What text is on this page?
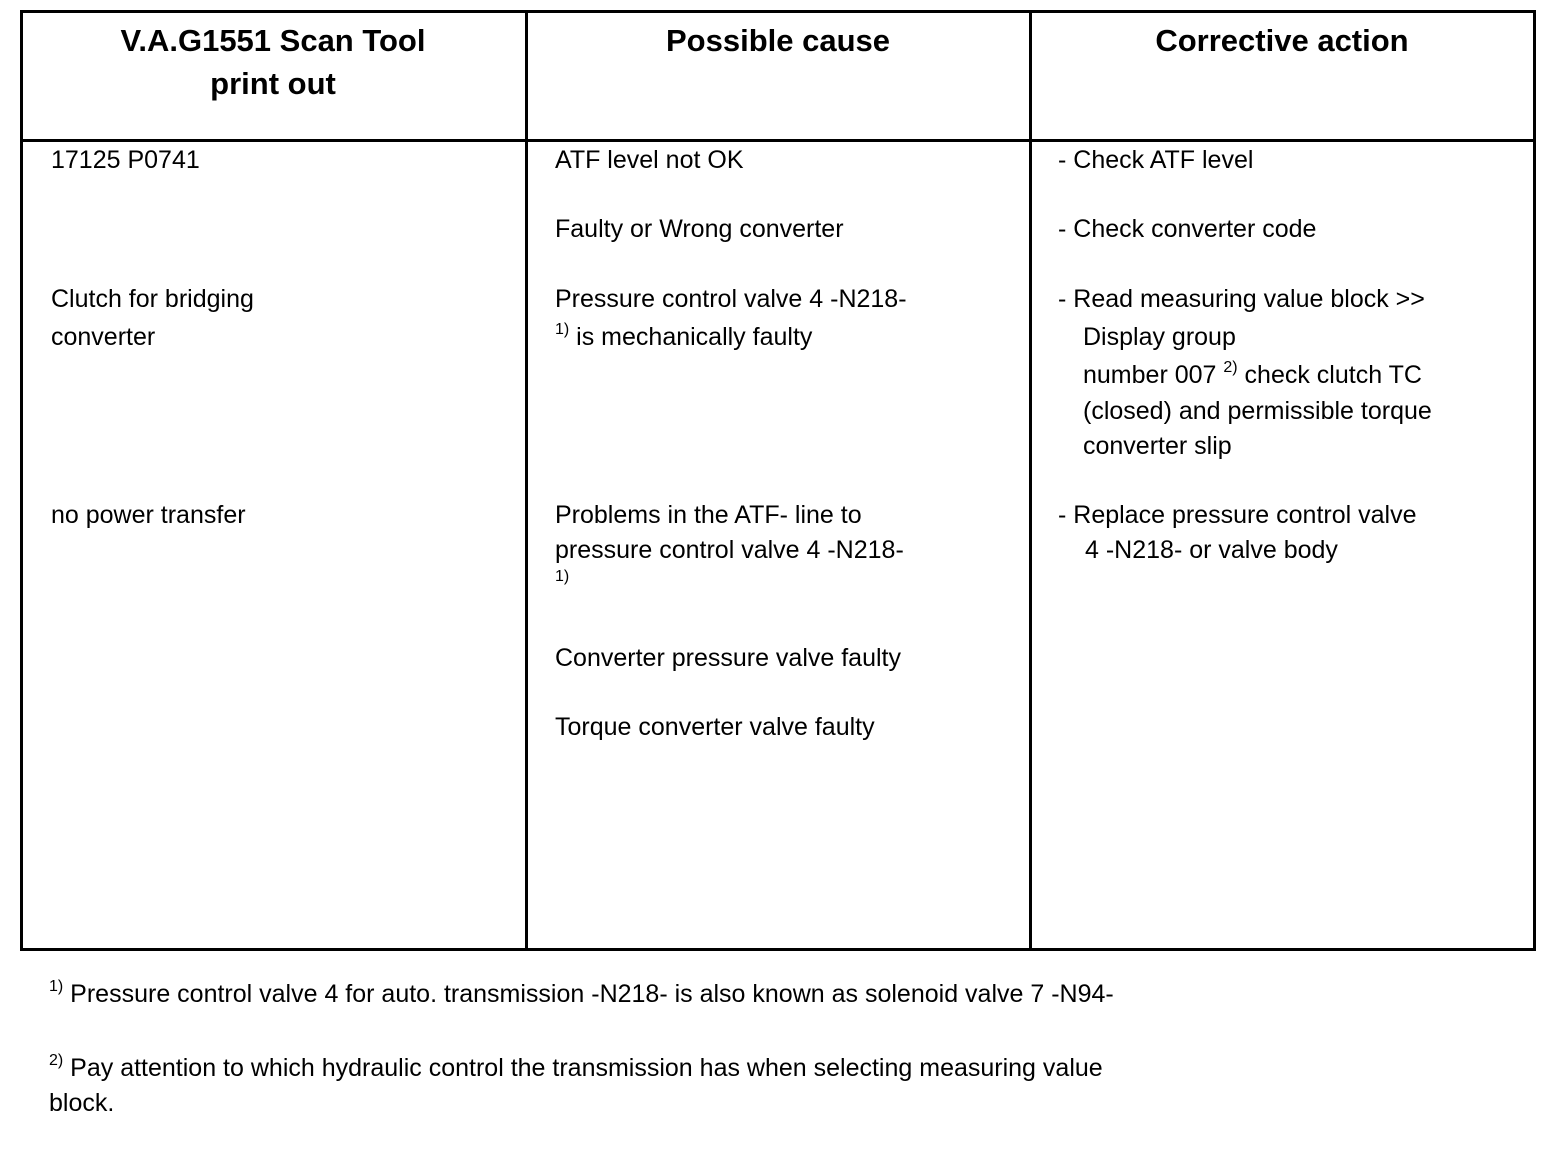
V.A.G1551 Scan Tool
print out
Possible cause	Corrective action
17125 P0741
Clutch for bridging
converter
no power transfer
ATF level not OK
Faulty or Wrong converter
Pressure control valve 4 -N218-
$^{1)}$ is mechanically faulty
Problems in the ATF- line to
pressure control valve 4 -N218-
1)
Converter pressure valve faulty
Torque converter valve faulty
- Check ATF level
- Check converter code
- Read measuring value block >>
Display group
number 007 $^{2)}$ check clutch TC
(closed) and permissible torque
converter slip
- Replace pressure control valve
4 -N218- or valve body
$^{1)}$ Pressure control valve 4 for auto. transmission -N218- is also known as solenoid valve 7 -N94-
$^{2)}$ Pay attention to which hydraulic control the transmission has when selecting measuring value
block.
